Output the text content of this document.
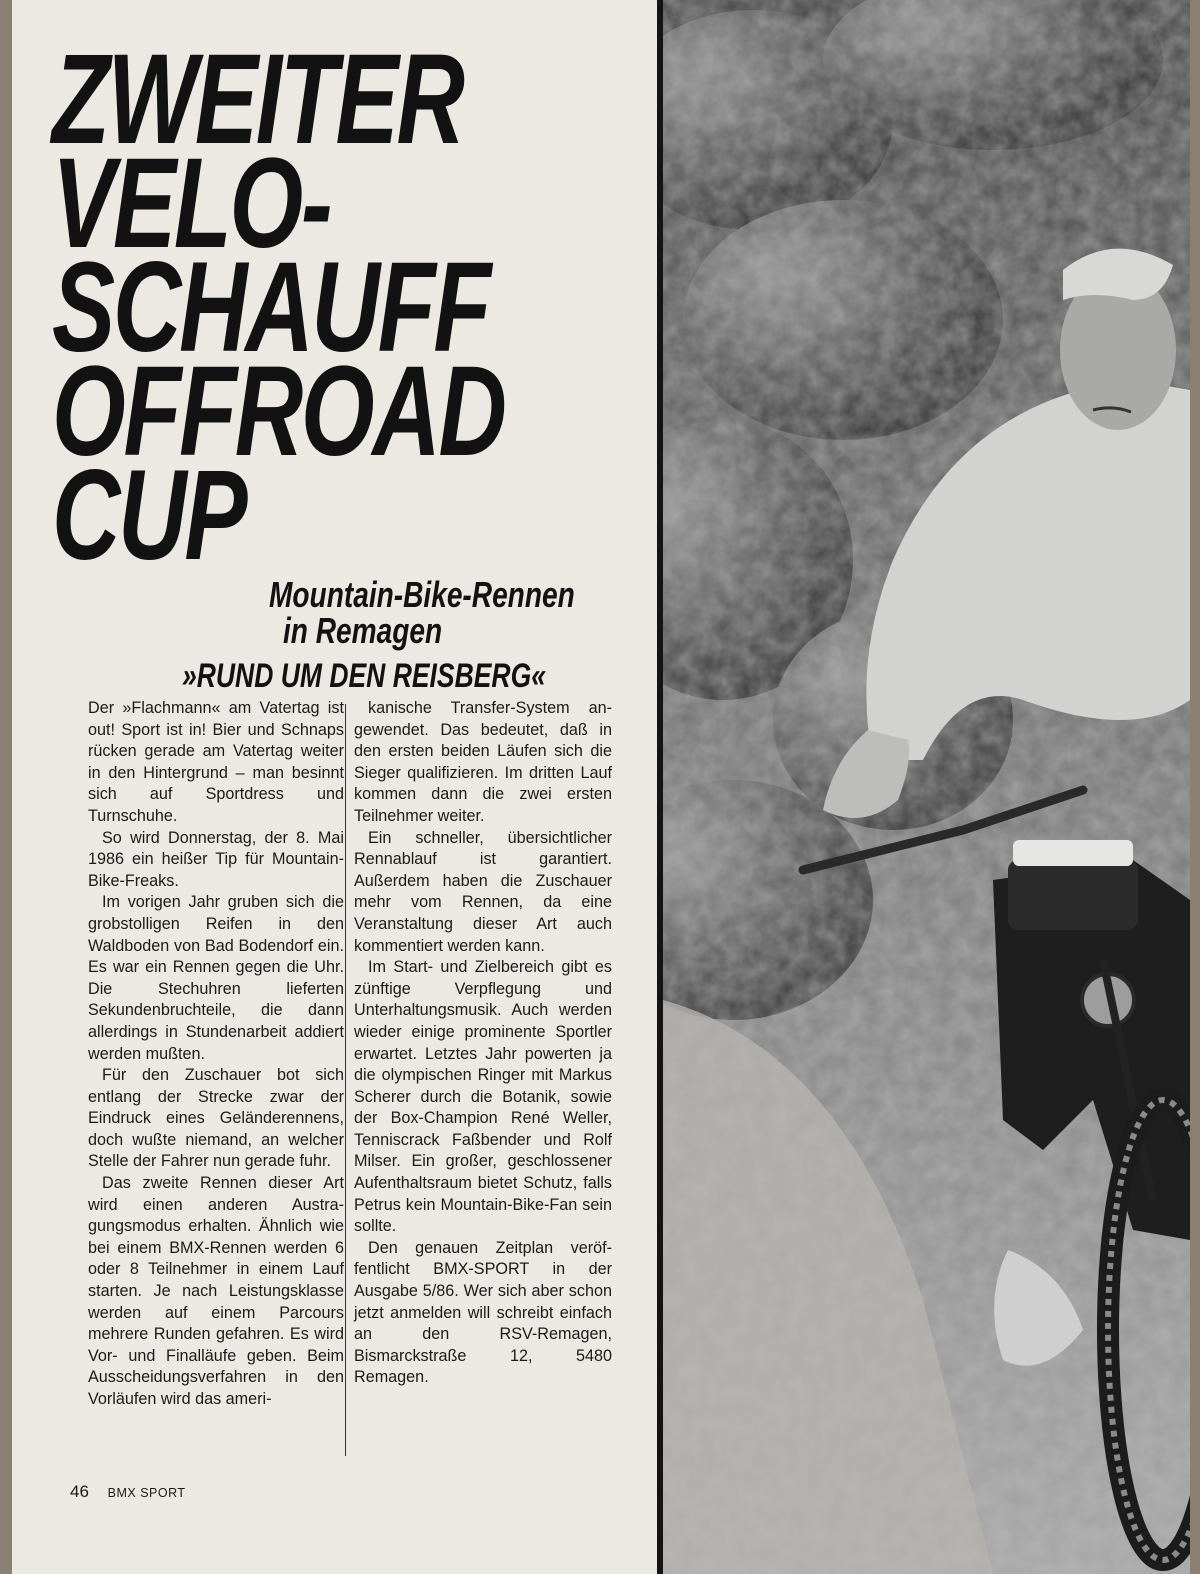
ZWEITER
VELO-
SCHAUFF
OFFROAD
CUP
Mountain-Bike-Rennen
in Remagen
»RUND UM DEN REISBERG«

Der »Flachmann« am Vatertag ist out! Sport ist in! Bier und Schnaps rücken gerade am Vatertag weiter in den Hintergrund – man besinnt sich auf Sportdress und Turnschuhe.

So wird Donnerstag, der 8. Mai 1986 ein heißer Tip für Mountain-Bike-Freaks.

Im vorigen Jahr gruben sich die grobstolligen Reifen in den Waldboden von Bad Bodendorf ein. Es war ein Rennen gegen die Uhr. Die Stechuhren lieferten Sekundenbruchteile, die dann allerdings in Stundenarbeit addiert werden mußten.

Für den Zuschauer bot sich entlang der Strecke zwar der Eindruck eines Geländerennens, doch wußte niemand, an welcher Stelle der Fahrer nun gerade fuhr.

Das zweite Rennen dieser Art wird einen anderen Austragungsmodus erhalten. Ähnlich wie bei einem BMX-Rennen werden 6 oder 8 Teilnehmer in einem Lauf starten. Je nach Leistungsklasse werden auf einem Parcours mehrere Runden gefahren. Es wird Vor- und Finalläufe geben. Beim Ausscheidungsverfahren in den Vorläufen wird das ameri-

kanische Transfer-System angewendet. Das bedeutet, daß in den ersten beiden Läufen sich die Sieger qualifizieren. Im dritten Lauf kommen dann die zwei ersten Teilnehmer weiter.

Ein schneller, übersichtlicher Rennablauf ist garantiert. Außerdem haben die Zuschauer mehr vom Rennen, da eine Veranstaltung dieser Art auch kommentiert werden kann.

Im Start- und Zielbereich gibt es zünftige Verpflegung und Unterhaltungsmusik. Auch werden wieder einige prominente Sportler erwartet. Letztes Jahr powerten ja die olympischen Ringer mit Markus Scherer durch die Botanik, sowie der Box-Champion René Weller, Tenniscrack Faßbender und Rolf Milser. Ein großer, geschlossener Aufenthaltsraum bietet Schutz, falls Petrus kein Mountain-Bike-Fan sein sollte.

Den genauen Zeitplan veröffentlicht BMX-SPORT in der Ausgabe 5/86. Wer sich aber schon jetzt anmelden will schreibt einfach an den RSV-Remagen, Bismarckstraße 12, 5480 Remagen.

46 BMX SPORT
